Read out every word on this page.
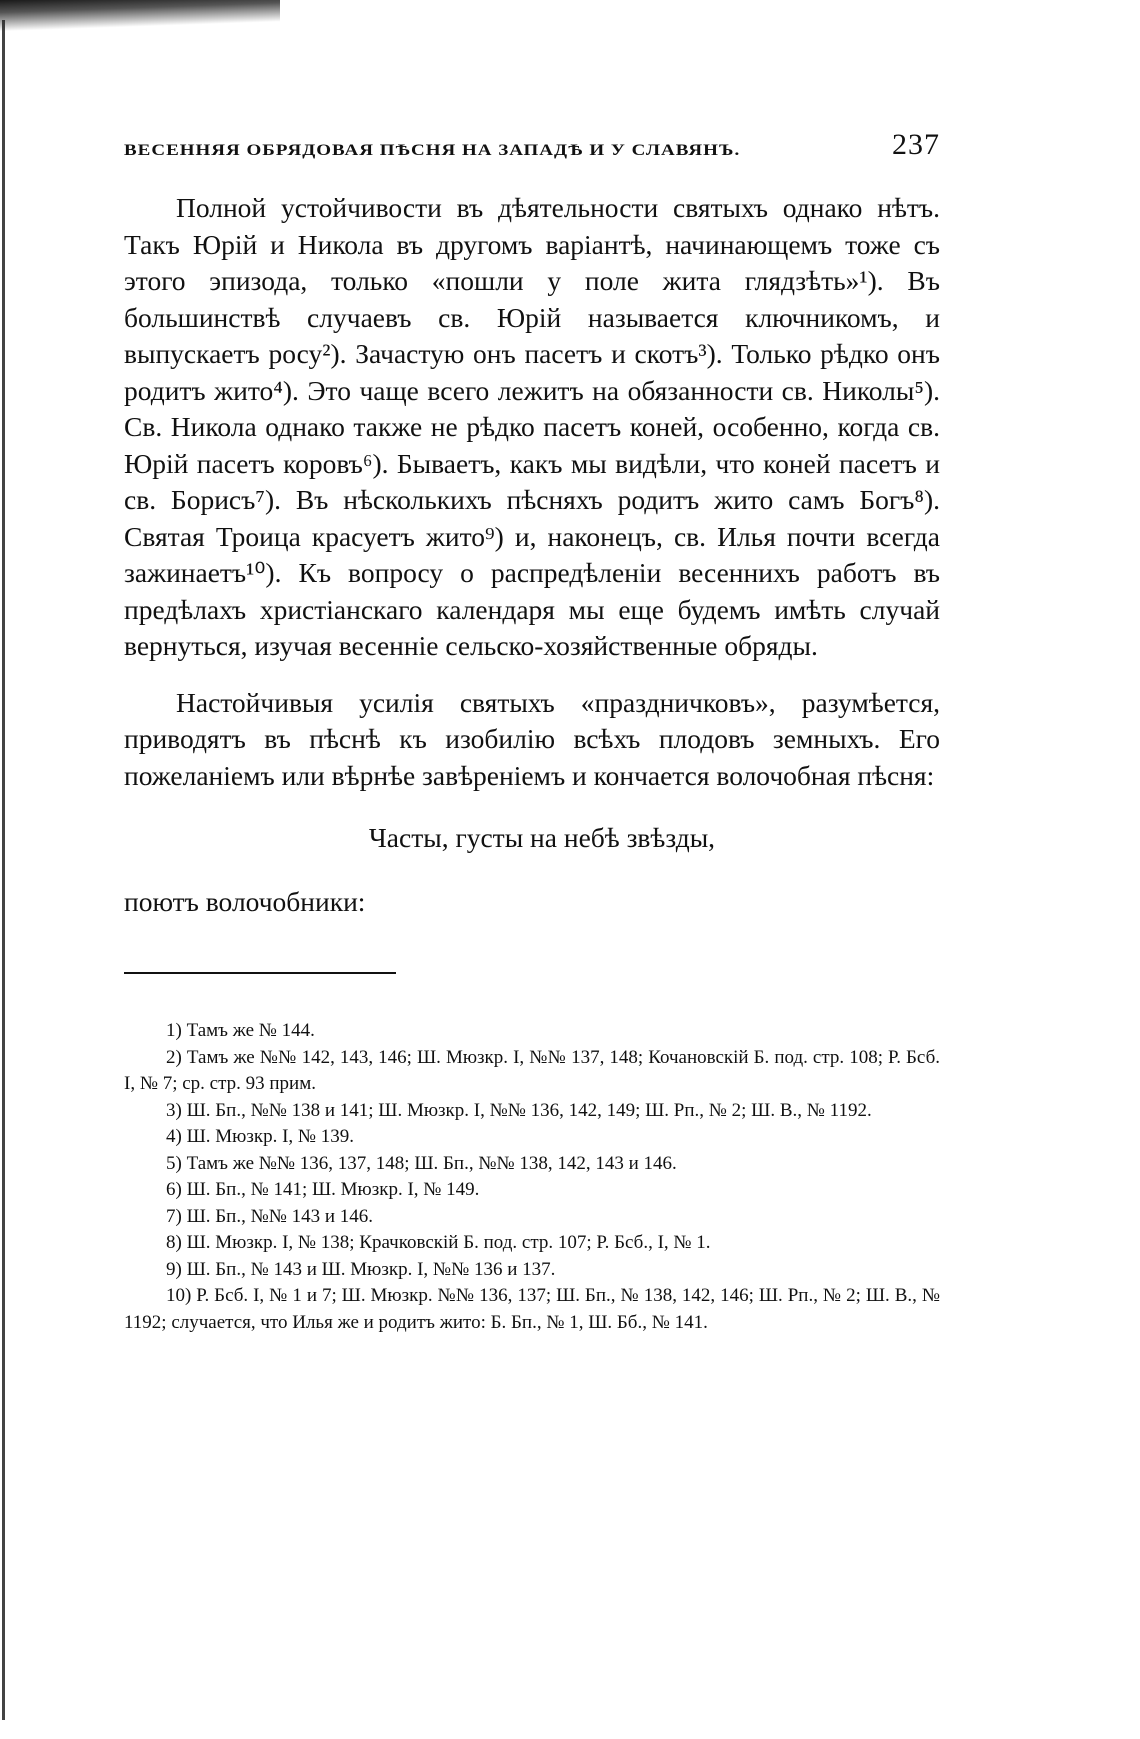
ВЕСЕННЯЯ ОБРЯДОВАЯ ПѢСНЯ НА ЗАПАДѢ И У СЛАВЯНЪ.	237

Полной устойчивости въ дѣятельности святыхъ однако нѣтъ. Такъ Юрій и Никола въ другомъ варіантѣ, начинающемъ тоже съ этого эпизода, только «пошли у поле жита глядзѣть»¹). Въ большинствѣ случаевъ св. Юрій называется ключникомъ, и выпускаетъ росу²). Зачастую онъ пасетъ и скотъ³). Только рѣдко онъ родитъ жито⁴). Это чаще всего лежитъ на обязанности св. Николы⁵). Св. Никола однако также не рѣдко пасетъ коней, особенно, когда св. Юрій пасетъ коровъ⁶). Бываетъ, какъ мы видѣли, что коней пасетъ и св. Борисъ⁷). Въ нѣсколькихъ пѣсняхъ родитъ жито самъ Богъ⁸). Святая Троица красуетъ жито⁹) и, наконецъ, св. Илья почти всегда зажинаетъ¹⁰). Къ вопросу о распредѣленіи весеннихъ работъ въ предѣлахъ христіанскаго календаря мы еще будемъ имѣть случай вернуться, изучая весенніе сельско-хозяйственные обряды.

Настойчивыя усилія святыхъ «праздничковъ», разумѣется, приводятъ въ пѣснѣ къ изобилію всѣхъ плодовъ земныхъ. Его пожеланіемъ или вѣрнѣе завѣреніемъ и кончается волочобная пѣсня:

Часты, густы на небѣ звѣзды,
поютъ волочобники:

1) Тамъ же № 144.

2) Тамъ же №№ 142, 143, 146; Ш. Мюзкр. I, №№ 137, 148; Кочановскій Б. под. стр. 108; Р. Бсб. I, № 7; ср. стр. 93 прим.

3) Ш. Бп., №№ 138 и 141; Ш. Мюзкр. I, №№ 136, 142, 149; Ш. Рп., № 2; Ш. В., № 1192.

4) Ш. Мюзкр. I, № 139.

5) Тамъ же №№ 136, 137, 148; Ш. Бп., №№ 138, 142, 143 и 146.

6) Ш. Бп., № 141; Ш. Мюзкр. I, № 149.

7) Ш. Бп., №№ 143 и 146.

8) Ш. Мюзкр. I, № 138; Крачковскій Б. под. стр. 107; Р. Бсб., I, № 1.

9) Ш. Бп., № 143 и Ш. Мюзкр. I, №№ 136 и 137.

10) Р. Бсб. I, № 1 и 7; Ш. Мюзкр. №№ 136, 137; Ш. Бп., № 138, 142, 146; Ш. Рп., № 2; Ш. В., № 1192; случается, что Илья же и родитъ жито: Б. Бп., № 1, Ш. Бб., № 141.
